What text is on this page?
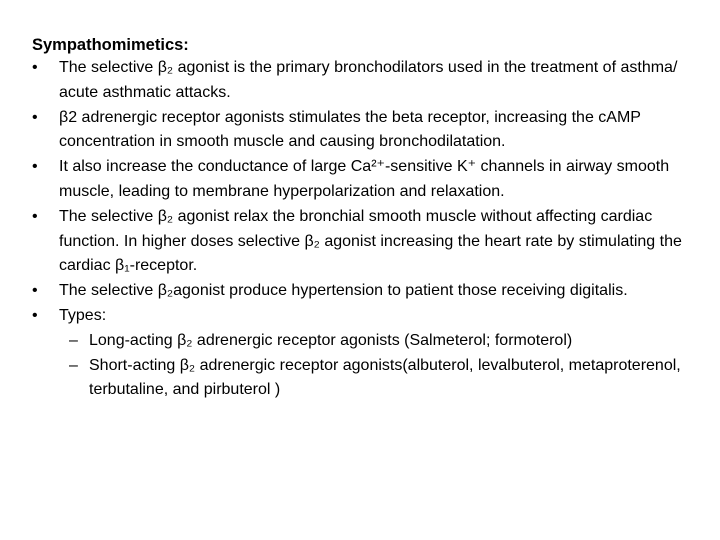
Sympathomimetics:
•	The selective β₂ agonist is the primary bronchodilators used in the treatment of asthma/ acute asthmatic attacks.
•	β2 adrenergic receptor agonists stimulates the beta receptor, increasing the cAMP concentration in smooth muscle and causing bronchodilatation.
•	It also increase the conductance of large Ca²⁺-sensitive K⁺ channels in airway smooth muscle, leading to membrane hyperpolarization and relaxation.
•	The selective β₂ agonist relax the bronchial smooth muscle without affecting cardiac function. In higher doses selective β₂ agonist increasing the heart rate by stimulating the cardiac β₁-receptor.
•	The selective β₂agonist produce hypertension to patient those receiving digitalis.
•	Types:
– Long-acting β₂ adrenergic receptor agonists (Salmeterol; formoterol)
– Short-acting β₂ adrenergic receptor agonists(albuterol, levalbuterol, metaproterenol, terbutaline, and pirbuterol )
